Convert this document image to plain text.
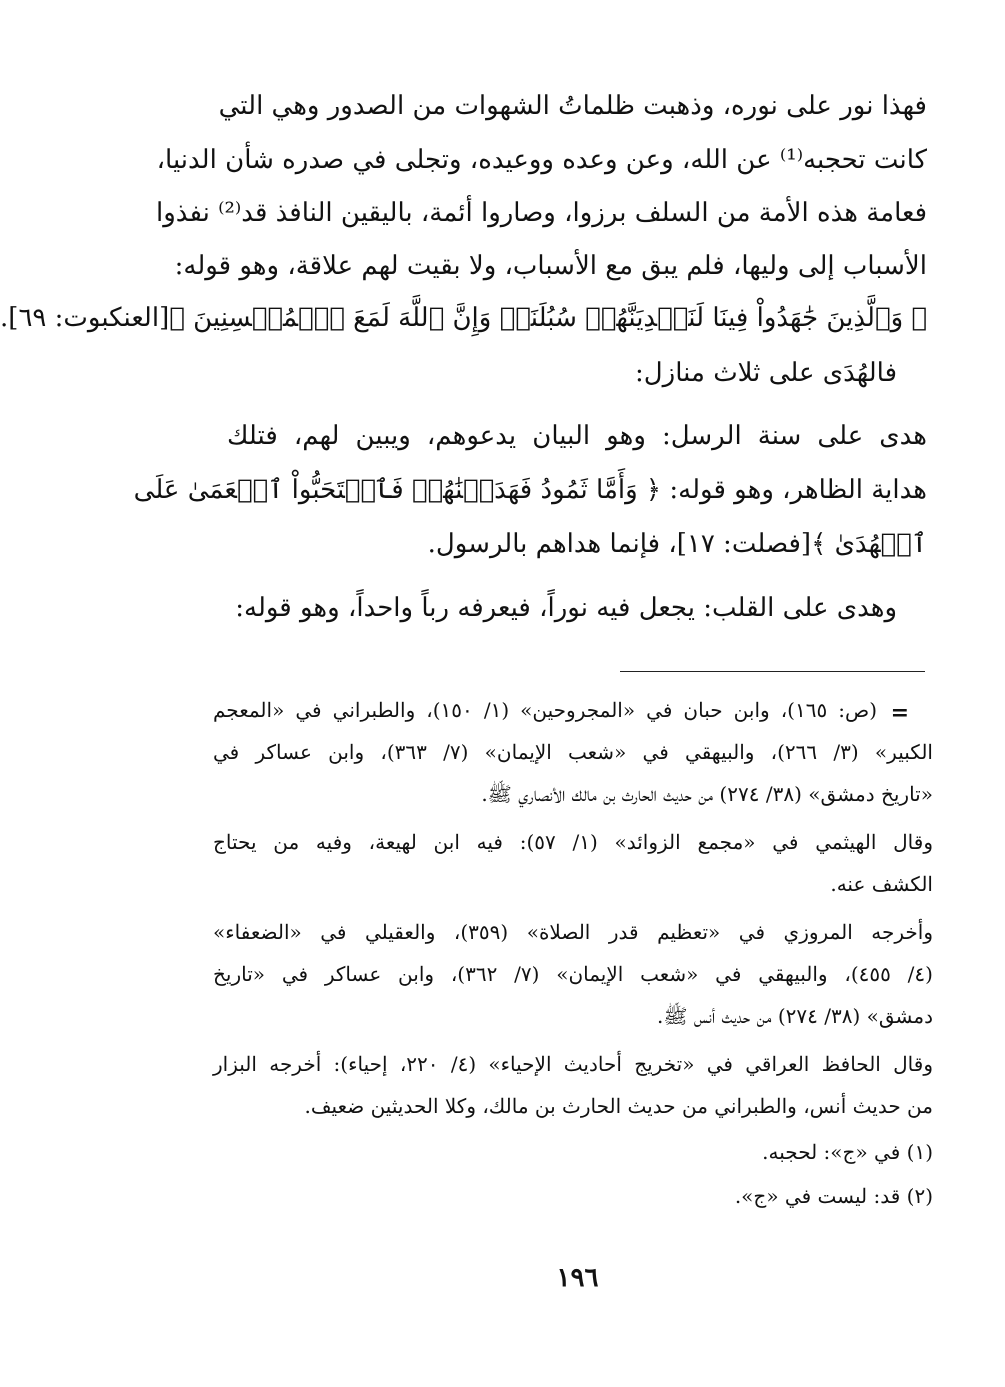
فهذا نور على نوره، وذهبت ظلماتُ الشهوات من الصدور وهي التي

كانت تحجبه⁽¹⁾ عن الله، وعن وعده ووعيده، وتجلى في صدره شأن الدنيا،

فعامة هذه الأمة من السلف برزوا، وصاروا أئمة، باليقين النافذ قد⁽²⁾ نفذوا

الأسباب إلى وليها، فلم يبق مع الأسباب، ولا بقيت لهم علاقة، وهو قوله:

﴿ وَٱلَّذِينَ جَٰهَدُواْ فِينَا لَنَهۡدِيَنَّهُمۡ سُبُلَنَاۚ وَإِنَّ ٱللَّهَ لَمَعَ ٱلۡمُحۡسِنِينَ ﴾[العنكبوت: ٦٩].

فالهُدَى على ثلاث منازل:

هدى على سنة الرسل: وهو البيان يدعوهم، ويبين لهم، فتلك

هداية الظاهر، وهو قوله: ﴿ وَأَمَّا ثَمُودُ فَهَدَيۡنَٰهُمۡ فَٱسۡتَحَبُّواْ ٱلۡعَمَىٰ عَلَى

ٱلۡهُدَىٰ ﴾[فصلت: ١٧]، فإنما هداهم بالرسول.

وهدى على القلب: يجعل فيه نوراً، فيعرفه رباً واحداً، وهو قوله:

=

(ص: ١٦٥)، وابن حبان في «المجروحين» (١/ ١٥٠)، والطبراني في «المعجم

الكبير» (٣/ ٢٦٦)، والبيهقي في «شعب الإيمان» (٧/ ٣٦٣)، وابن عساكر في

«تاريخ دمشق» (٣٨/ ٢٧٤) من حديث الحارث بن مالك الأنصاري ﷺ.

وقال الهيثمي في «مجمع الزوائد» (١/ ٥٧): فيه ابن لهيعة، وفيه من يحتاج

الكشف عنه.

وأخرجه المروزي في «تعظيم قدر الصلاة» (٣٥٩)، والعقيلي في «الضعفاء»

(٤/ ٤٥٥)، والبيهقي في «شعب الإيمان» (٧/ ٣٦٢)، وابن عساكر في «تاريخ

دمشق» (٣٨/ ٢٧٤) من حديث أنس ﷺ.

وقال الحافظ العراقي في «تخريج أحاديث الإحياء» (٤/ ٢٢٠، إحياء): أخرجه البزار

من حديث أنس، والطبراني من حديث الحارث بن مالك، وكلا الحديثين ضعيف.

(١) في «ج»: لحجبه.

(٢) قد: ليست في «ج».

١٩٦
